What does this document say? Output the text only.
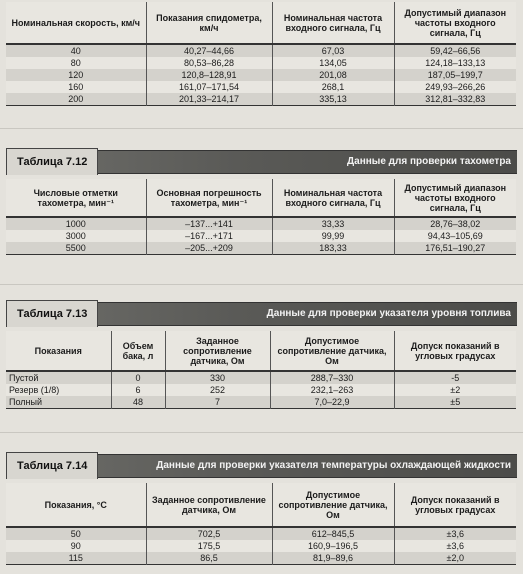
Номинальная скорость, км/ч	Показания спидометра, км/ч	Номинальная частота входного сигнала, Гц	Допустимый диапазон частоты входного сигнала, Гц
40	40,27–44,66	67,03	59,42–66,56
80	80,53–86,28	134,05	124,18–133,13
120	120,8–128,91	201,08	187,05–199,7
160	161,07–171,54	268,1	249,93–266,26
200	201,33–214,17	335,13	312,81–332,83
Таблица 7.12	Данные для проверки тахометра
Числовые отметки тахометра, мин⁻¹	Основная погрешность тахометра, мин⁻¹	Номинальная частота входного сигнала, Гц	Допустимый диапазон частоты входного сигнала, Гц
1000	–137...+141	33,33	28,76–38,02
3000	–167...+171	99,99	94,43–105,69
5500	–205...+209	183,33	176,51–190,27
Таблица 7.13	Данные для проверки указателя уровня топлива
Показания	Объем бака, л	Заданное сопротивление датчика, Ом	Допустимое сопротивление датчика, Ом	Допуск показаний в угловых градусах
Пустой	0	330	288,7–330	-5
Резерв (1/8)	6	252	232,1–263	±2
Полный	48	7	7,0–22,9	±5
Таблица 7.14	Данные для проверки указателя температуры охлаждающей жидкости
Показания, °С	Заданное сопротивление датчика, Ом	Допустимое сопротивление датчика, Ом	Допуск показаний в угловых градусах
50	702,5	612–845,5	±3,6
90	175,5	160,9–196,5	±3,6
115	86,5	81,9–89,6	±2,0
